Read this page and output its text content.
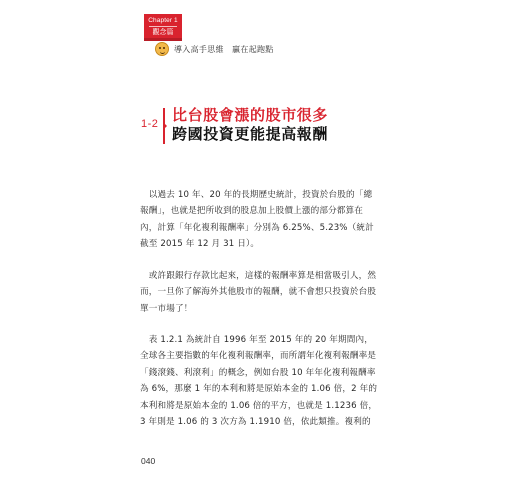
Chapter 1
觀念篇
導入高手思維　贏在起跑點
1-2 比台股會漲的股市很多
跨國投資更能提高報酬
　以過去 10 年、20 年的長期歷史統計，投資於台股的「總
報酬」，也就是把所收到的股息加上股價上漲的部分都算在
內，計算「年化複利報酬率」分別為 6.25%、5.23%（統計
截至 2015 年 12 月 31 日）。
　或許跟銀行存款比起來，這樣的報酬率算是相當吸引人，然
而，一旦你了解海外其他股市的報酬，就不會想只投資於台股
單一市場了！
　表 1.2.1 為統計自 1996 年至 2015 年的 20 年期間內，
全球各主要指數的年化複利報酬率，而所謂年化複利報酬率是
「錢滾錢、利滾利」的概念，例如台股 10 年年化複利報酬率
為 6%，那麼 1 年的本利和將是原始本金的 1.06 倍，2 年的
本利和將是原始本金的 1.06 倍的平方，也就是 1.1236 倍，
3 年則是 1.06 的 3 次方為 1.1910 倍，依此類推。複利的
040
